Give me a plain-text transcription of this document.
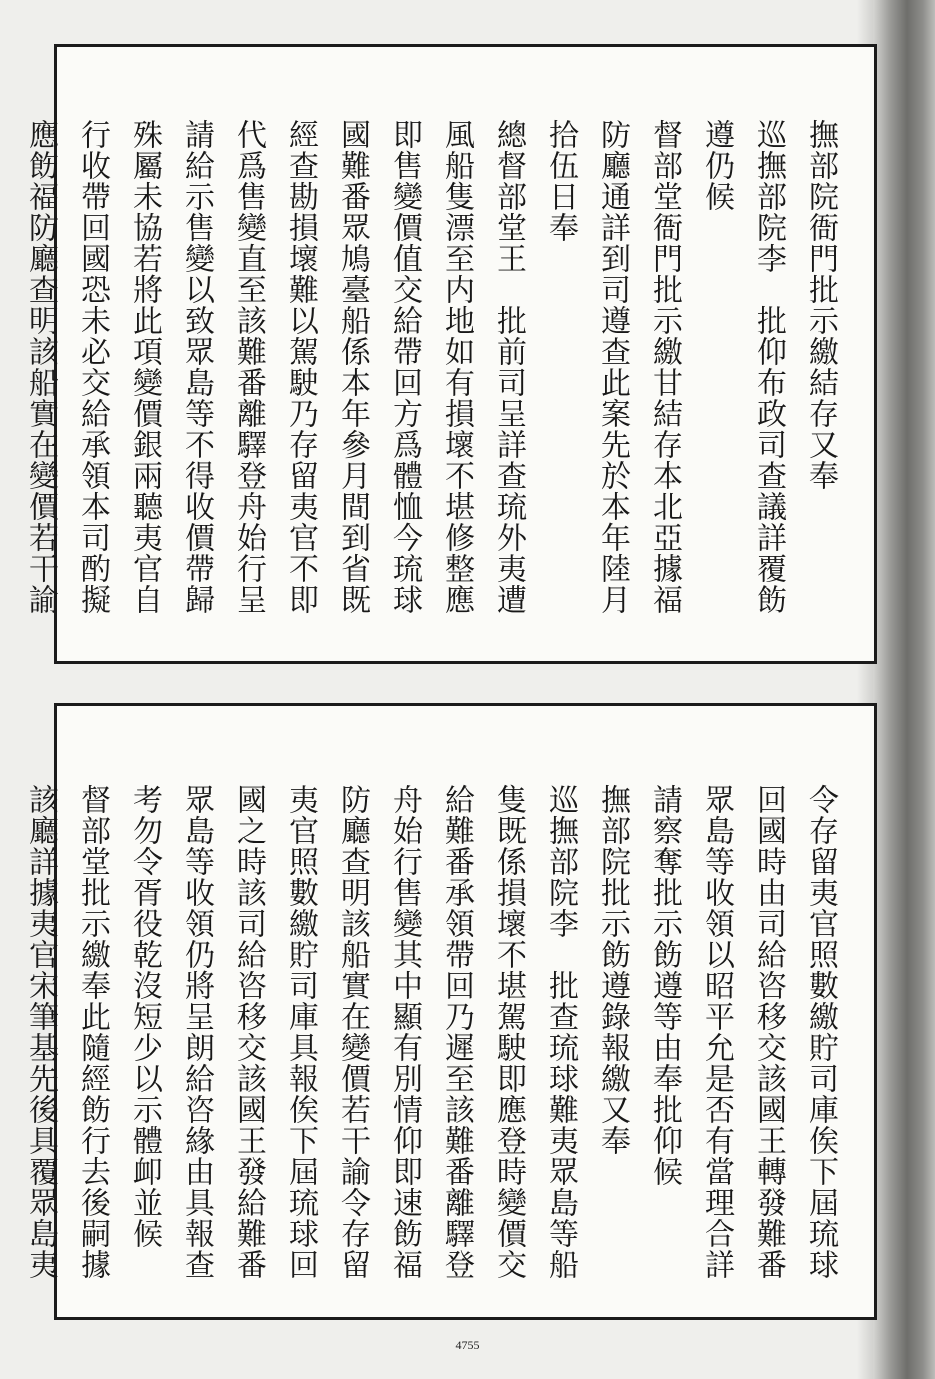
撫部院衙門批示繳結存又奉
巡撫部院李　批仰布政司查議詳覆飭
遵仍候
督部堂衙門批示繳甘結存本北亞據福
防廳通詳到司遵查此案先於本年陸月
拾伍日奉
總督部堂王　批前司呈詳查琉外夷遭
風船隻漂至内地如有損壞不堪修整應
即售變價值交給帶回方爲體恤今琉球
國難番眾鳩臺船係本年參月間到省既
經查勘損壞難以駕駛乃存留夷官不即
代爲售變直至該難番離驛登舟始行呈
請給示售變以致眾島等不得收價帶歸
殊屬未協若將此項變價銀兩聽夷官自
行收帶回國恐未必交給承領本司酌擬
應飭福防廳查明該船實在變價若干諭
令存留夷官照數繳貯司庫俟下屆琉球
回國時由司給咨移交該國王轉發難番
眾島等收領以昭平允是否有當理合詳
請察奪批示飭遵等由奉批仰候
撫部院批示飭遵錄報繳又奉
巡撫部院李　批查琉球難夷眾島等船
隻既係損壞不堪駕駛即應登時變價交
給難番承領帶回乃遲至該難番離驛登
舟始行售變其中顯有別情仰即速飭福
防廳查明該船實在變價若干諭令存留
夷官照數繳貯司庫具報俟下屆琉球回
國之時該司給咨移交該國王發給難番
眾島等收領仍將呈朗給咨緣由具報查
考勿令胥役乾沒短少以示體卹並候
督部堂批示繳奉此隨經飭行去後嗣據
該廳詳據夷官宋筆基先後具覆眾島夷
4755
